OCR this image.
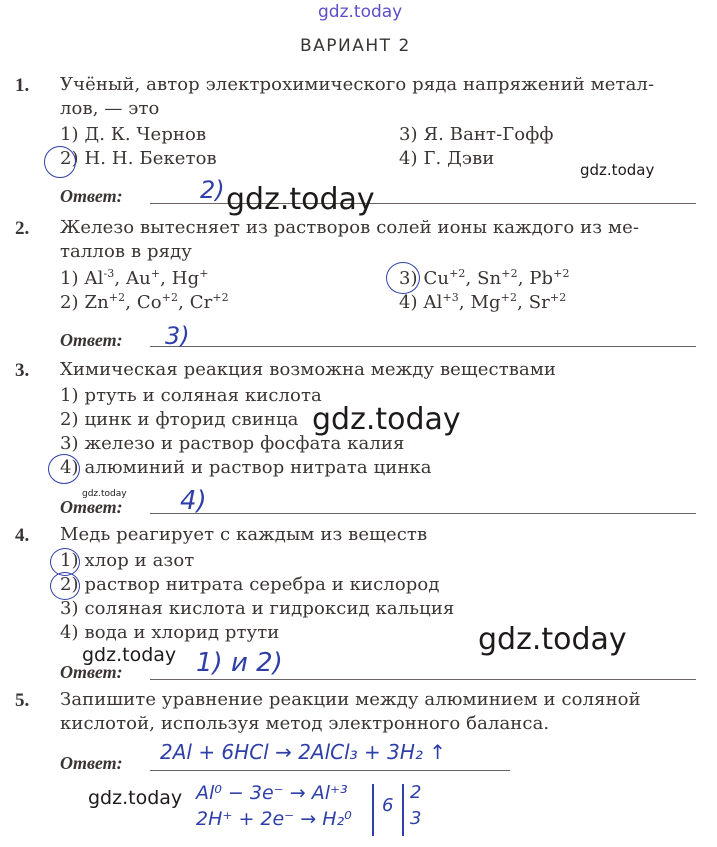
gdz.today
ВАРИАНТ 2
1. Учёный, автор электрохимического ряда напряжений метал-
лов, — это
1) Д. К. Чернов
2) Н. Н. Бекетов
3) Я. Вант-Гофф
4) Г. Дэви
gdz.today
Ответ:	2) gdz.today
2. Железо вытесняет из растворов солей ионы каждого из ме-
таллов в ряду
1) $Al^{-3}$, Au+, Hg+
2) $Zn^{+2}$, $Co^{+2}$, $Cr^{+2}$
3) $Cu^{+2}$, $Sn^{+2}$, $Pb^{+2}$
4) $Al^{+3}$, $Mg^{+2}$, $Sr^{+2}$
Ответ: 3)
3. Химическая реакция возможна между веществами
1) ртуть и соляная кислота
2) цинк и фторид свинца
3) железо и раствор фосфата калия
4) алюминий и раствор нитрата цинка
gdz.today
gdz.today
Ответ: 4)
4. Медь реагирует с каждым из веществ
1) хлор и азот
2) раствор нитрата серебра и кислород
3) соляная кислота и гидроксид кальция
4) вода и хлорид ртути	gdz.today
gdz.today
Ответ:	1) и 2)
5. Запишите уравнение реакции между алюминием и соляной
кислотой, используя метод электронного баланса.
Ответ: 2Al + 6HCl → 2AlCl₃ + 3H₂ ↑
gdz.today Al⁰ − 3e⁻ → Al⁺³
2H⁺ + 2e⁻ → H₂⁰
6
2
3
